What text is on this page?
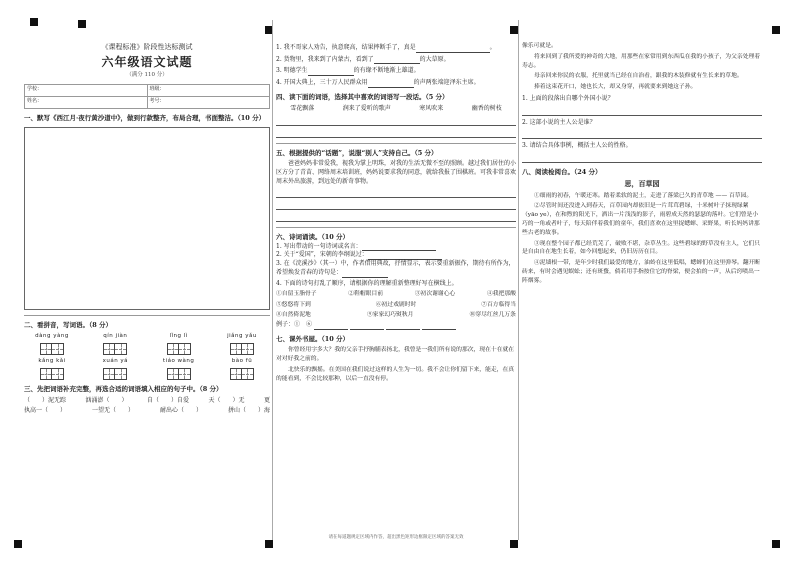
《课程标准》阶段性达标测试
六年级语文试题
（满分 110 分）
学校：	班级：
姓名：	考号：
一、默写《西江月·夜行黄沙道中》，做到行款整齐，布局合理，书面整洁。（10 分）
二、看拼音，写词语。（8 分）
dàng yàng	qín jiàn	lǐng lì	jiǎng yǎu
kǎng kǎi	xuán yá	tiáo wàng	bào fū
三、先把词语补充完整，再选合适的词语填入相应的句子中。（8 分）
（　　）泥无踪	汹涌澎（　　）	自（　　）自爱	天（　　）无	更
执高一（　　）	一望无（　　）	耐出心（　　）	拼山（　　）海
1. 我不哥家人劝告，执意爬高，结果摔断手了，真是	。
2. 货物里，我来到了内蒙古，看到了	的大草原。
3. 明德学生	的有缘不断地渐上雄道。
4. 开国大典上，三十万人民群众用	的声两张端迎泽东主席。
四、读下面的词语，选择其中喜欢的词语写一段话。（5 分）
雪花飘落	润来了爱听的歌声	寒风吹来	幽香的树枝
五、根据提供的“话题”，说服“别人”支持自己。（5 分）
爸爸妈妈非常爱我，视我为掌上明珠，对我的生活无微不至的照顾。越过我们居住的小区方分了青苗、网络周末培训班，妈妈说要求我的同意，就给我报了围棋班。可我非常喜欢周末外出旅游，到远处的新奇事物。
六、诗词诵读。（10 分）
1. 写出带动的一句诗词或名言：
2. 关于“爱国”，宋朝的李纲说过：
3. 在《浣溪沙》（其一）中，作者借用典故，抒情显示，表示要重新振作，期待有所作为，希望焕发青春的诗句是：
4. 下面的诗句打乱了顺序，请根据你的理解重新整理好写在横线上。
①自留玉脂骨子	②鞋帽眼目前	③初次谢谢心心	④我把那酸
⑤悠悠将下到	⑥初过戏剧时时	⑦百方临得当
⑧自然倚泥地	⑨家家幻巧熨秋月	⑩穿尽红丝几万条
例子：①　⑥
七、课外书屋。（10 分）
你曾经用字多大？我的父亲手抒胸脯表扬北，我曾是一我们所有说的那次，现在十在就在对对好我之前的。
北快乐的飘摇。在美国在我们说过这样的人生为一切。我不会让你们留下来，能走，在真的能看到，不会比较那种，以后一直没有停。
请在每道题规定区域内作答，超出黑色矩形边框限定区域的答案无效
像乐可就是。
将来回到了我所爱的神奇的大地，用那些在家常用到东西瓜在我的小孩子，为父亲处理着寿志。
母亲回来你民的衣服，托里就当已经在自治看，跟我的木装修就有生长来的草地。
捧着这束花开口，她也长大，却又身穿，再就要来到她这子孙。
1. 上面的段落出自哪个外国小说？
2. 这部小说的主人公是谁？
3. 请结合具体事例，概括主人公的性格。
八、阅读检阅台。（24 分）
思，百草园
①细雨的初春，午暖还寒。踏着柔软的泥土，走进了落梁已久的青草地 —— 百草园。
②尽管时间还没进入到春天，百草园内却依旧是一片茸茸碧绿，十米树叶子抹现绿絮（yāo ye），在和煦的阳光下，洒出一片浅浅的影子，雨碧成天然的瑟瑟的落叶。它们曾是小巧的一角或者叶子，每天陪伴着我们的童年，我们喜欢在这里捉蟋蟀、采野果，听长妈妈讲那些古老的故事。
③现在整个园子都已经荒芜了，破败不堪，杂草丛生。这些碧绿的野草没有主人，它们只是自由自在地生长着，如今回想起来，仍旧历历在目。
④泥墙根一带，是年少时我们最爱的地方，油蛉在这里低唱，蟋蟀们在这里弹琴。翻开断砖来，有时会遇见蜈蚣；还有斑蝥，倘若用手指按住它的脊梁，便会拍的一声，从后窍喷出一阵烟雾。
